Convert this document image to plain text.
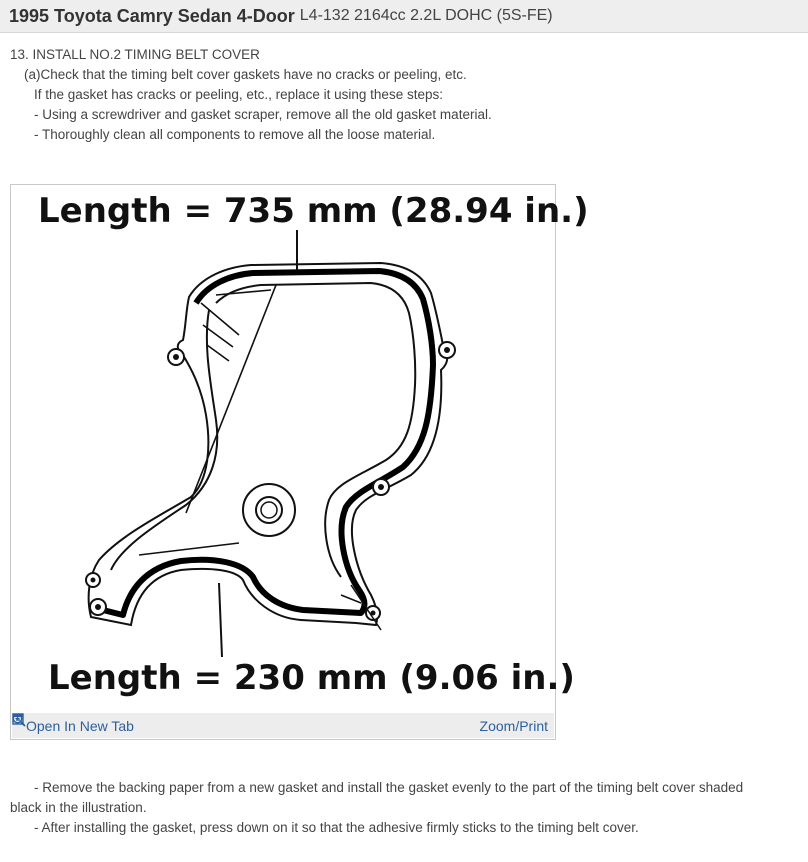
1995 Toyota Camry Sedan 4-Door L4-132 2164cc 2.2L DOHC (5S-FE)
13. INSTALL NO.2 TIMING BELT COVER
(a)Check that the timing belt cover gaskets have no cracks or peeling, etc.
If the gasket has cracks or peeling, etc., replace it using these steps:
- Using a screwdriver and gasket scraper, remove all the old gasket material.
- Thoroughly clean all components to remove all the loose material.
Length = 735 mm (28.94 in.)
Length = 230 mm (9.06 in.)
Open In New Tab	Zoom/Print
- Remove the backing paper from a new gasket and install the gasket evenly to the part of the timing belt cover shaded
black in the illustration.
- After installing the gasket, press down on it so that the adhesive firmly sticks to the timing belt cover.
